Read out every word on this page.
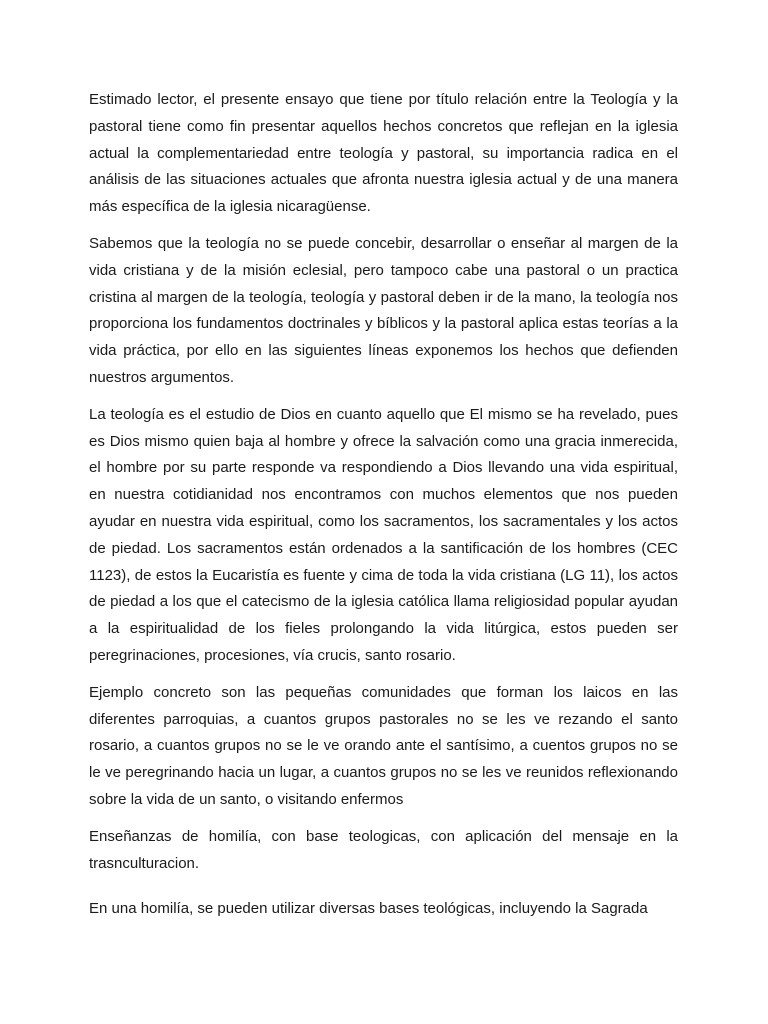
Estimado lector, el presente ensayo que tiene por título relación entre la Teología y la pastoral tiene como fin presentar aquellos hechos concretos que reflejan en la iglesia actual la complementariedad entre teología y pastoral, su importancia radica en el análisis de las situaciones actuales que afronta nuestra iglesia actual y de una manera más específica de la iglesia nicaragüense.

Sabemos que la teología no se puede concebir, desarrollar o enseñar al margen de la vida cristiana y de la misión eclesial, pero tampoco cabe una pastoral o un practica cristina al margen de la teología, teología y pastoral deben ir de la mano, la teología nos proporciona los fundamentos doctrinales y bíblicos y la pastoral aplica estas teorías a la vida práctica, por ello en las siguientes líneas exponemos los hechos que defienden nuestros argumentos.

La teología es el estudio de Dios en cuanto aquello que El mismo se ha revelado, pues es Dios mismo quien baja al hombre y ofrece la salvación como una gracia inmerecida, el hombre por su parte responde va respondiendo a Dios llevando una vida espiritual, en nuestra cotidianidad nos encontramos con muchos elementos que nos pueden ayudar en nuestra vida espiritual, como los sacramentos, los sacramentales y los actos de piedad. Los sacramentos están ordenados a la santificación de los hombres (CEC 1123), de estos la Eucaristía es fuente y cima de toda la vida cristiana (LG 11), los actos de piedad a los que el catecismo de la iglesia católica llama religiosidad popular ayudan a la espiritualidad de los fieles prolongando la vida litúrgica, estos pueden ser peregrinaciones, procesiones, vía crucis, santo rosario.

Ejemplo concreto son las pequeñas comunidades que forman los laicos en las diferentes parroquias, a cuantos grupos pastorales no se les ve rezando el santo rosario, a cuantos grupos no se le ve orando ante el santísimo, a cuentos grupos no se le ve peregrinando hacia un lugar, a cuantos grupos no se les ve reunidos reflexionando sobre la vida de un santo, o visitando enfermos

Enseñanzas de homilía, con base teologicas, con aplicación del mensaje en la trasnculturacion.

En una homilía, se pueden utilizar diversas bases teológicas, incluyendo la Sagrada
